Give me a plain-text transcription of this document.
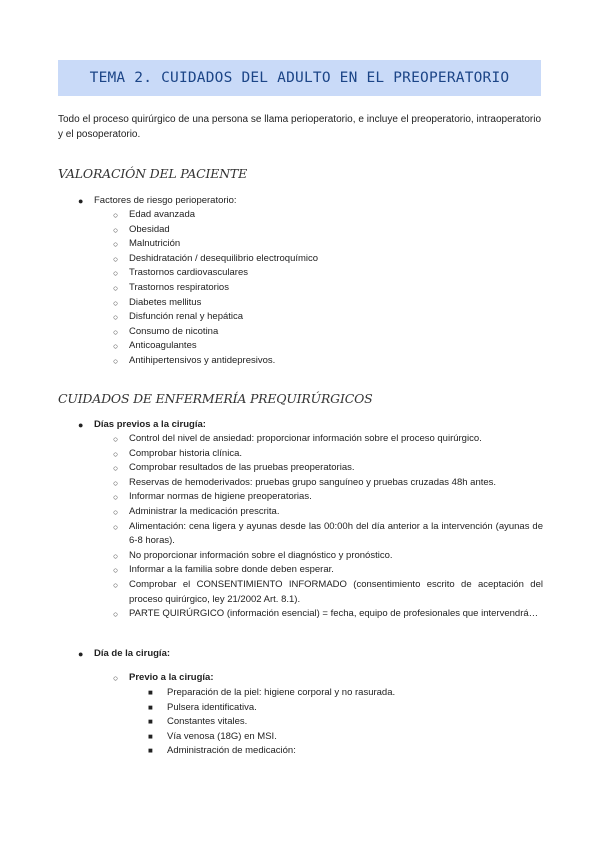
TEMA 2. CUIDADOS DEL ADULTO EN EL PREOPERATORIO
Todo el proceso quirúrgico de una persona se llama perioperatorio, e incluye el preoperatorio, intraoperatorio y el posoperatorio.
VALORACIÓN DEL PACIENTE
● Factores de riesgo perioperatorio:
○ Edad avanzada
○ Obesidad
○ Malnutrición
○ Deshidratación / desequilibrio electroquímico
○ Trastornos cardiovasculares
○ Trastornos respiratorios
○ Diabetes mellitus
○ Disfunción renal y hepática
○ Consumo de nicotina
○ Anticoagulantes
○ Antihipertensivos y antidepresivos.
CUIDADOS DE ENFERMERÍA PREQUIRÚRGICOS
● Días previos a la cirugía:
○ Control del nivel de ansiedad: proporcionar información sobre el proceso quirúrgico.
○ Comprobar historia clínica.
○ Comprobar resultados de las pruebas preoperatorias.
○ Reservas de hemoderivados: pruebas grupo sanguíneo y pruebas cruzadas 48h antes.
○ Informar normas de higiene preoperatorias.
○ Administrar la medicación prescrita.
○ Alimentación: cena ligera y ayunas desde las 00:00h del día anterior a la intervención (ayunas de 6-8 horas).
○ No proporcionar información sobre el diagnóstico y pronóstico.
○ Informar a la familia sobre donde deben esperar.
○ Comprobar el CONSENTIMIENTO INFORMADO (consentimiento escrito de aceptación del proceso quirúrgico, ley 21/2002 Art. 8.1).
○ PARTE QUIRÚRGICO (información esencial) = fecha, equipo de profesionales que intervendrá…
● Día de la cirugía:
○ Previo a la cirugía:
■ Preparación de la piel: higiene corporal y no rasurada.
■ Pulsera identificativa.
■ Constantes vitales.
■ Vía venosa (18G) en MSI.
■ Administración de medicación:
